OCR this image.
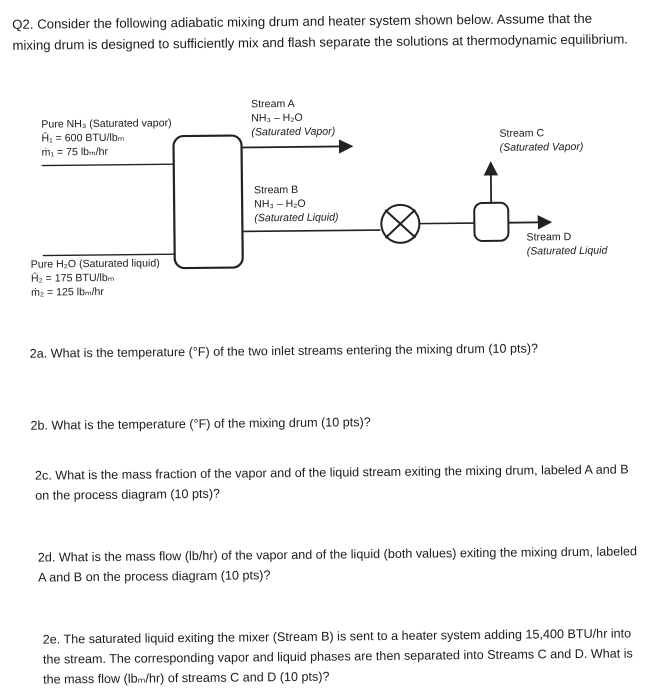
Q2. Consider the following adiabatic mixing drum and heater system shown below. Assume that the mixing drum is designed to sufficiently mix and flash separate the solutions at thermodynamic equilibrium.
Pure NH₃ (Saturated vapor)
Ĥ₁ = 600 BTU/lbₘ
ṁ₁ = 75 lbₘ/hr
Pure H₂O (Saturated liquid)
Ĥ₂ = 175 BTU/lbₘ
ṁ₂ = 125 lbₘ/hr
Stream A
NH₃ – H₂O
(Saturated Vapor)
Stream B
NH₃ – H₂O
(Saturated Liquid)
Stream C
(Saturated Vapor)
Stream D
(Saturated Liquid
2a. What is the temperature (°F) of the two inlet streams entering the mixing drum (10 pts)?
2b. What is the temperature (°F) of the mixing drum (10 pts)?
2c. What is the mass fraction of the vapor and of the liquid stream exiting the mixing drum, labeled A and B on the process diagram (10 pts)?
2d. What is the mass flow (lb/hr) of the vapor and of the liquid (both values) exiting the mixing drum, labeled A and B on the process diagram (10 pts)?
2e. The saturated liquid exiting the mixer (Stream B) is sent to a heater system adding 15,400 BTU/hr into the stream. The corresponding vapor and liquid phases are then separated into Streams C and D. What is the mass flow (lbₘ/hr) of streams C and D (10 pts)?
